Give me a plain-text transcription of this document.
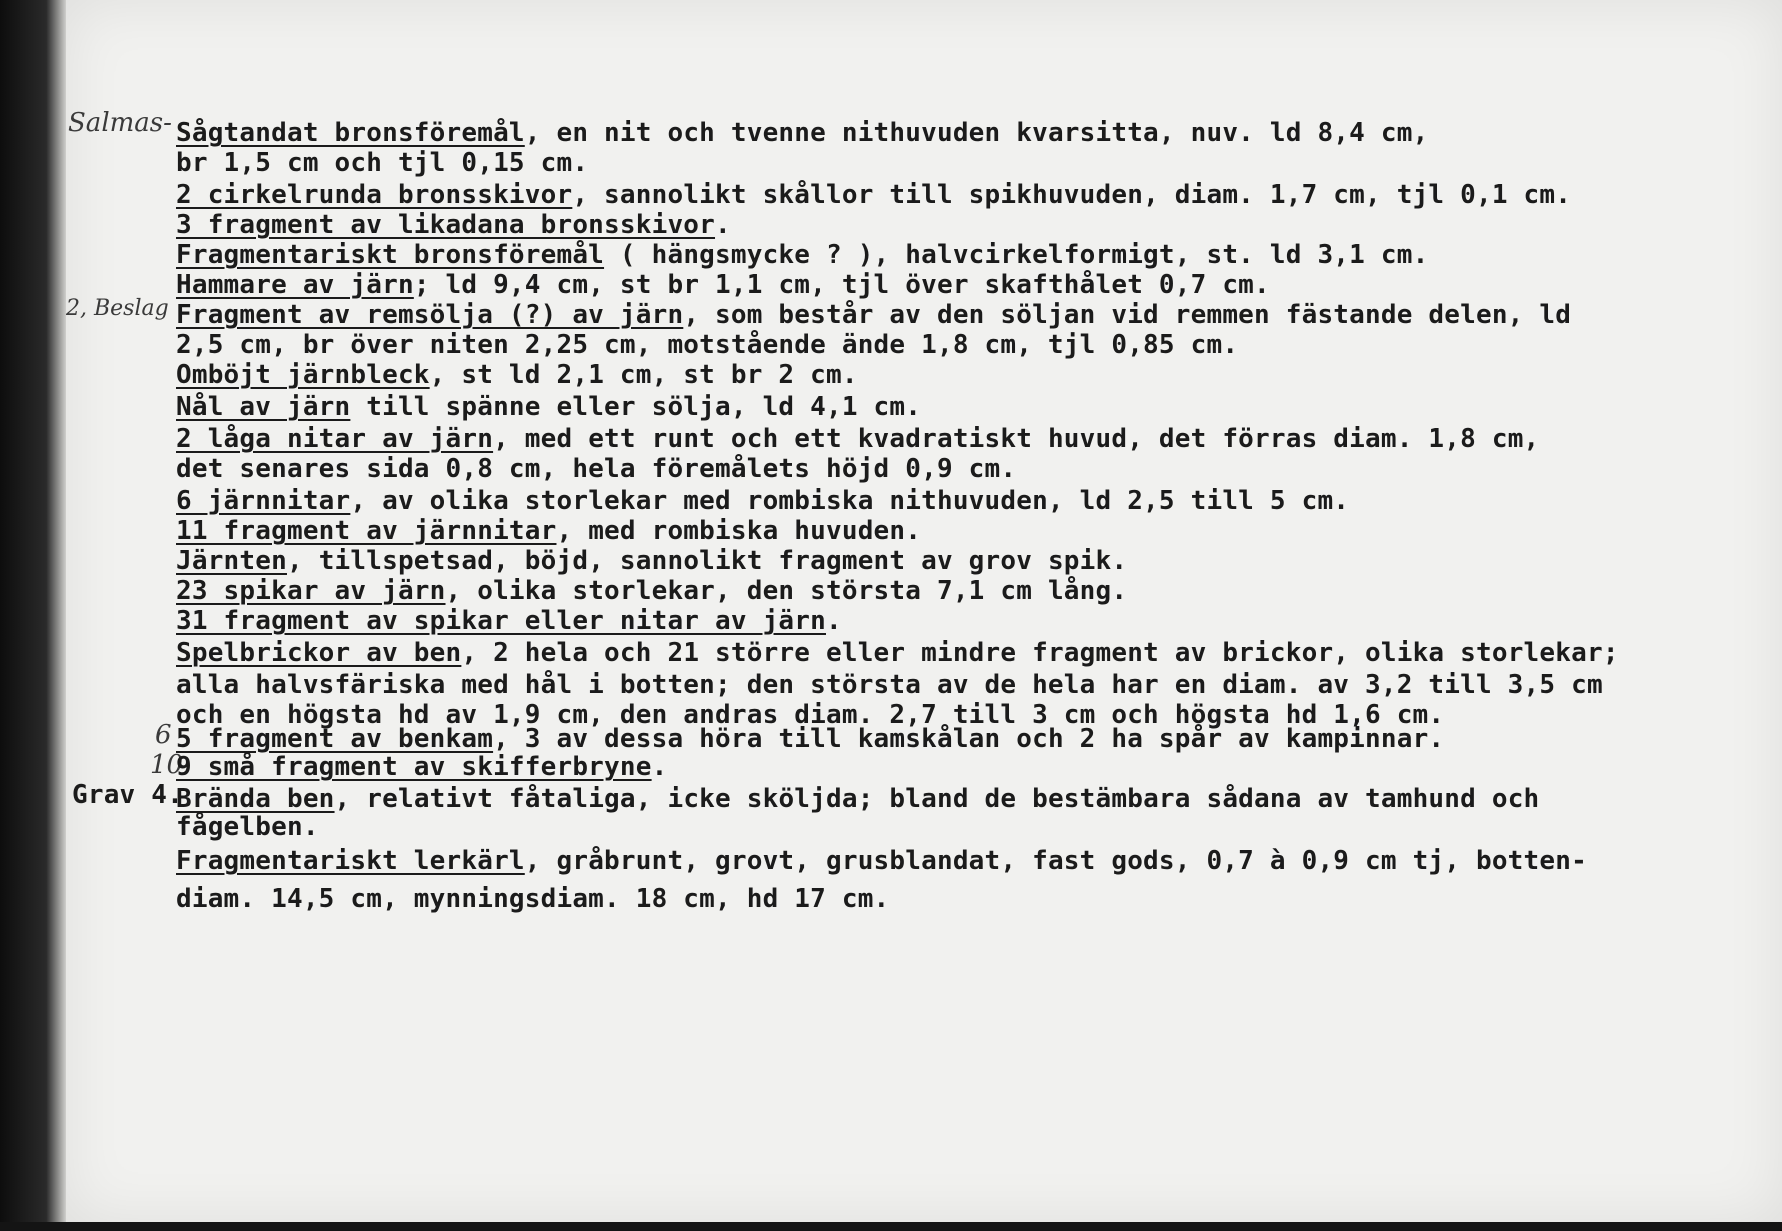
Salmas-
2, Beslag
6
10
Grav 4.
Sågtandat bronsföremål, en nit och tvenne nithuvuden kvarsitta, nuv. ld 8,4 cm,
br 1,5 cm och tjl 0,15 cm.
2 cirkelrunda bronsskivor, sannolikt skållor till spikhuvuden, diam. 1,7 cm, tjl 0,1 cm.
3 fragment av likadana bronsskivor.
Fragmentariskt bronsföremål ( hängsmycke ? ), halvcirkelformigt, st. ld 3,1 cm.
Hammare av järn; ld 9,4 cm, st br 1,1 cm, tjl över skafthålet 0,7 cm.
Fragment av remsölja (?) av järn, som består av den söljan vid remmen fästande delen, ld
2,5 cm, br över niten 2,25 cm, motstående ände 1,8 cm, tjl 0,85 cm.
Omböjt järnbleck, st ld 2,1 cm, st br 2 cm.
Nål av järn till spänne eller sölja, ld 4,1 cm.
2 låga nitar av järn, med ett runt och ett kvadratiskt huvud, det förras diam. 1,8 cm,
det senares sida 0,8 cm, hela föremålets höjd 0,9 cm.
6 järnnitar, av olika storlekar med rombiska nithuvuden, ld 2,5 till 5 cm.
11 fragment av järnnitar, med rombiska huvuden.
Järnten, tillspetsad, böjd, sannolikt fragment av grov spik.
23 spikar av järn, olika storlekar, den största 7,1 cm lång.
31 fragment av spikar eller nitar av järn.
Spelbrickor av ben, 2 hela och 21 större eller mindre fragment av brickor, olika storlekar;
alla halvsfäriska med hål i botten; den största av de hela har en diam. av 3,2 till 3,5 cm
och en högsta hd av 1,9 cm, den andras diam. 2,7 till 3 cm och högsta hd 1,6 cm.
5 fragment av benkam, 3 av dessa höra till kamskålan och 2 ha spår av kampinnar.
9 små fragment av skifferbryne.
Brända ben, relativt fåtaliga, icke sköljda; bland de bestämbara sådana av tamhund och
fågelben.
Fragmentariskt lerkärl, gråbrunt, grovt, grusblandat, fast gods, 0,7 à 0,9 cm tj, botten-
diam. 14,5 cm, mynningsdiam. 18 cm, hd 17 cm.
